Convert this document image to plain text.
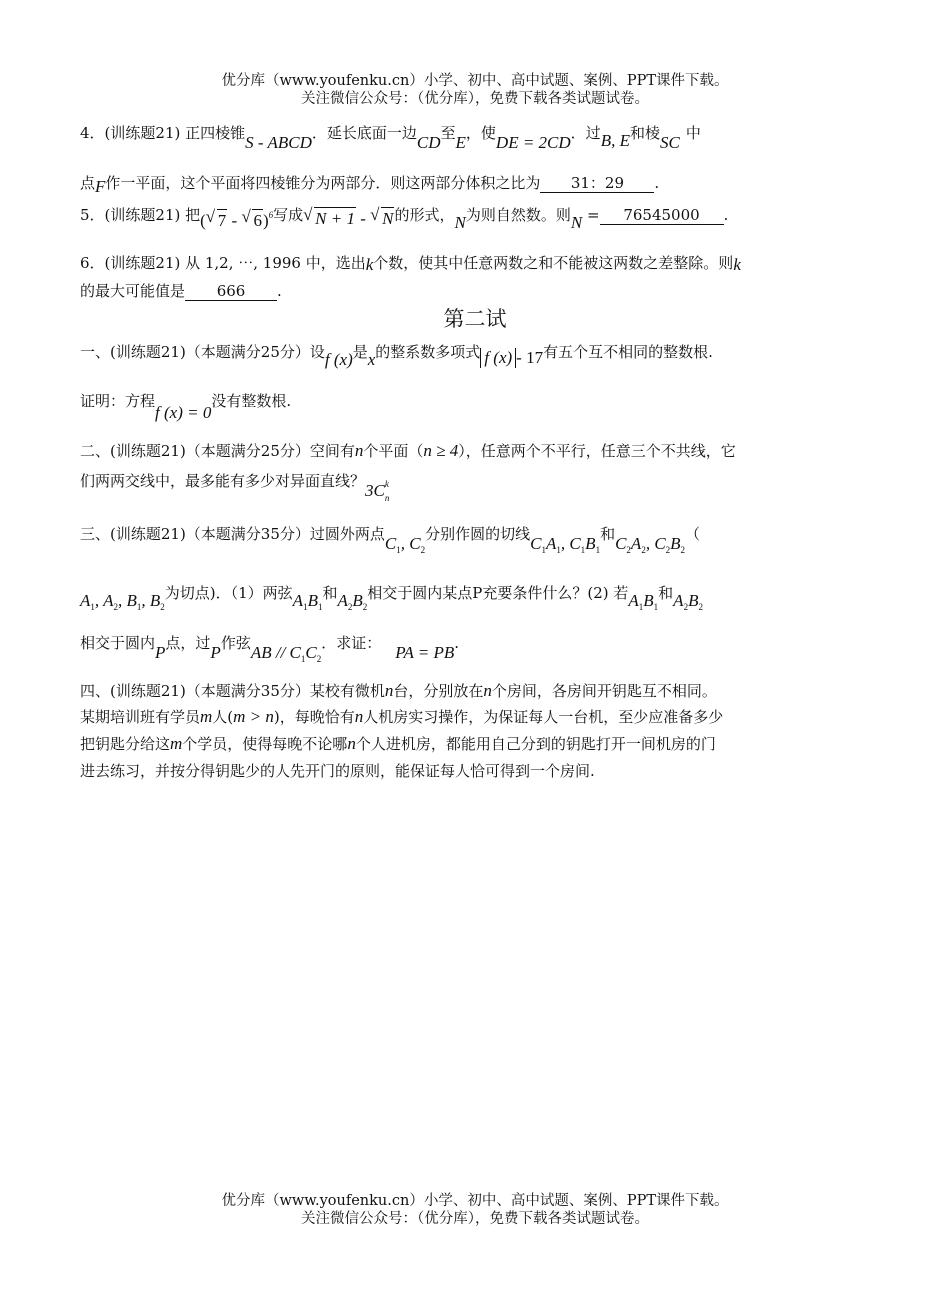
优分库（www.youfenku.cn）小学、初中、高中试题、案例、PPT课件下载。
关注微信公众号：（优分库），免费下载各类试题试卷。
4．(训练题21) 正四棱锥S - ABCD．延长底面一边CD至E，使DE = 2CD．过B, E和棱SC 中
点F作一平面，这个平面将四棱锥分为两部分．则这两部分体积之比为 31：29 .
5．(训练题21) 把( √ 7 - √ 6)$^6$写成 √ N + 1 - √ N的形式，N为则自然数。则N = 76545000 .
6．(训练题21) 从 1,2, ⋯, 1996 中，选出k个数，使其中任意两数之和不能被这两数之差整除。则k
的最大可能值是 666 .
第二试
一、(训练题21)（本题满分25分）设f (x)是x的整系数多项式 f (x) - 17有五个互不相同的整数根.
证明：方程f (x) = 0没有整数根.
二、(训练题21)（本题满分25分）空间有n个平面（n ≥ 4），任意两个不平行，任意三个不共线，它
们两两交线中，最多能有多少对异面直线？3C k
n
三、(训练题21)（本题满分35分）过圆外两点$C_1$, $C_2$分别作圆的切线$C_1A_1$, $C_1B_1$和$C_2A_2$, $C_2B_2$（
$A_1$, $A_2$, $B_1$, $B_2$为切点)．（1）两弦$A_1B_1$和$A_2B_2$相交于圆内某点P充要条件什么？(2) 若$A_1B_1$和$A_2B_2$
相交于圆内P点，过P作弦AB // $C_1C_2$．求证： PA = PB.
四、(训练题21)（本题满分35分）某校有微机n台，分别放在n个房间，各房间开钥匙互不相同。
某期培训班有学员m人(m > n)，每晚恰有n人机房实习操作，为保证每人一台机，至少应准备多少
把钥匙分给这m个学员，使得每晚不论哪n个人进机房，都能用自己分到的钥匙打开一间机房的门
进去练习，并按分得钥匙少的人先开门的原则，能保证每人恰可得到一个房间.
优分库（www.youfenku.cn）小学、初中、高中试题、案例、PPT课件下载。
关注微信公众号：（优分库），免费下载各类试题试卷。
